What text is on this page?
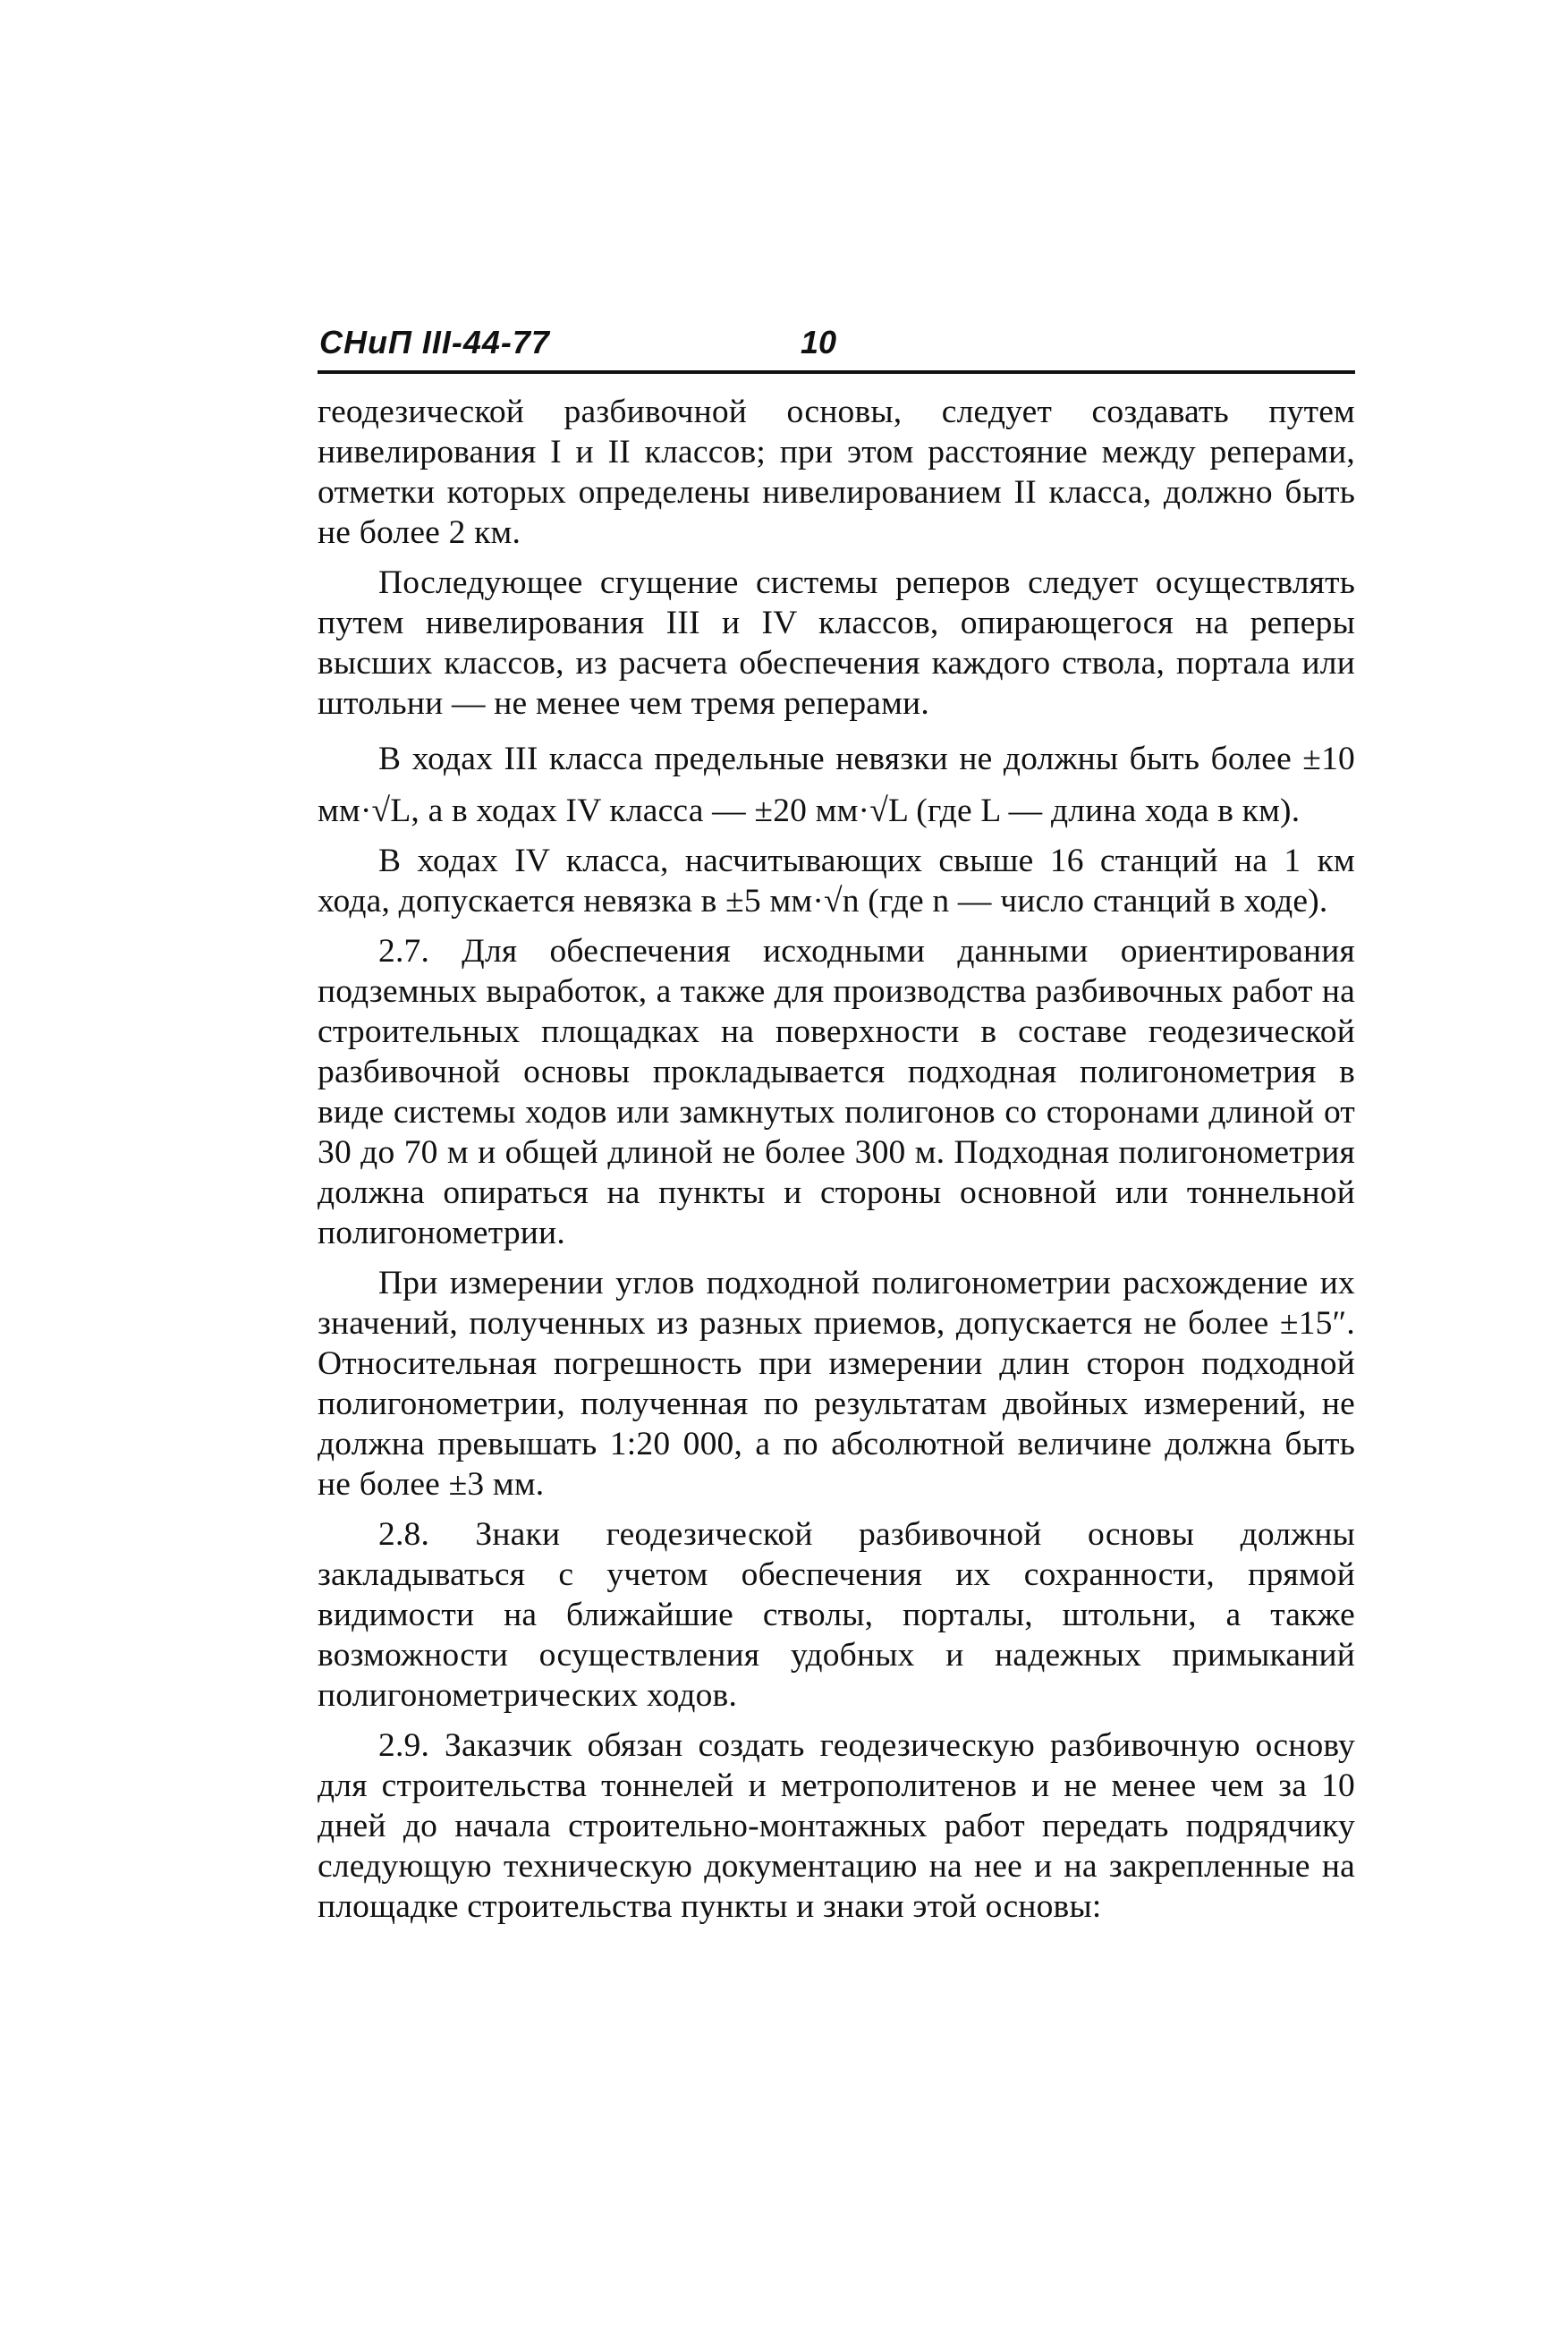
СНиП III-44-77	10

геодезической разбивочной основы, следует создавать путем нивелирования I и II классов; при этом расстояние между реперами, отметки которых определены нивелированием II класса, должно быть не более 2 км.

Последующее сгущение системы реперов следует осуществлять путем нивелирования III и IV классов, опирающегося на реперы высших классов, из расчета обеспечения каждого ствола, портала или штольни — не менее чем тремя реперами.

В ходах III класса предельные невязки не должны быть более ±10 мм·√L, а в ходах IV класса — ±20 мм·√L (где L — длина хода в км).

В ходах IV класса, насчитывающих свыше 16 станций на 1 км хода, допускается невязка в ±5 мм·√n (где n — число станций в ходе).

2.7. Для обеспечения исходными данными ориентирования подземных выработок, а также для производства разбивочных работ на строительных площадках на поверхности в составе геодезической разбивочной основы прокладывается подходная полигонометрия в виде системы ходов или замкнутых полигонов со сторонами длиной от 30 до 70 м и общей длиной не более 300 м. Подходная полигонометрия должна опираться на пункты и стороны основной или тоннельной полигонометрии.

При измерении углов подходной полигонометрии расхождение их значений, полученных из разных приемов, допускается не более ±15″. Относительная погрешность при измерении длин сторон подходной полигонометрии, полученная по результатам двойных измерений, не должна превышать 1:20 000, а по абсолютной величине должна быть не более ±3 мм.

2.8. Знаки геодезической разбивочной основы должны закладываться с учетом обеспечения их сохранности, прямой видимости на ближайшие стволы, порталы, штольни, а также возможности осуществления удобных и надежных примыканий полигонометрических ходов.

2.9. Заказчик обязан создать геодезическую разбивочную основу для строительства тоннелей и метрополитенов и не менее чем за 10 дней до начала строительно-монтажных работ передать подрядчику следующую техническую документацию на нее и на закрепленные на площадке строительства пункты и знаки этой основы:
